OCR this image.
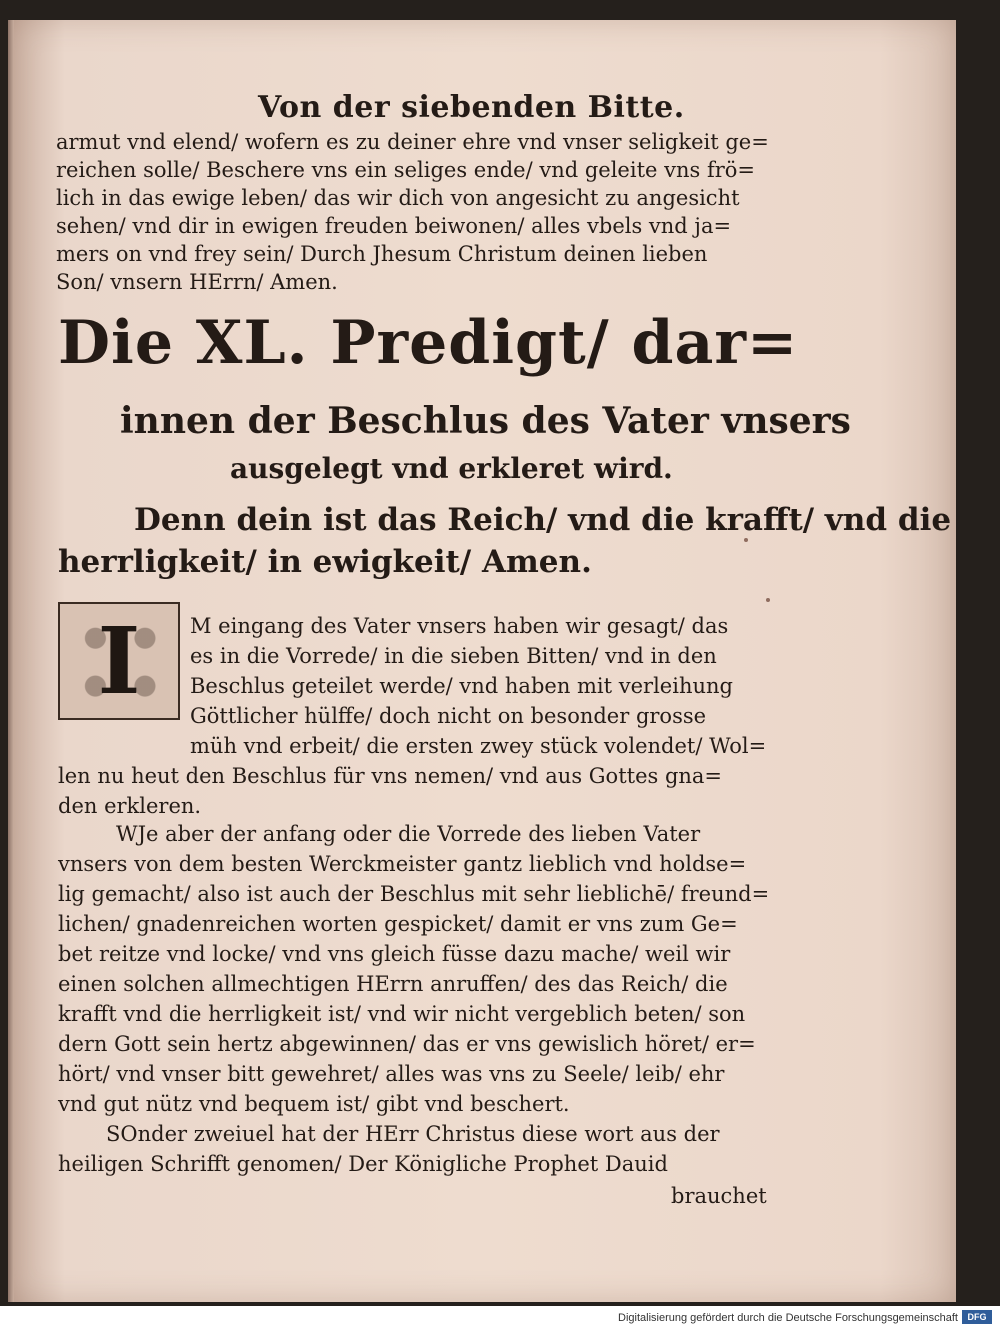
Von der siebenden Bitte.
armut vnd elend/ wofern es zu deiner ehre vnd vnser seligkeit ge=
reichen solle/ Beschere vns ein seliges ende/ vnd geleite vns frö=
lich in das ewige leben/ das wir dich von angesicht zu angesicht
sehen/ vnd dir in ewigen freuden beiwonen/ alles vbels vnd ja=
mers on vnd frey sein/ Durch Jhesum Christum deinen lieben
Son/ vnsern HErrn/ Amen.
Die XL. Predigt/ dar=
innen der Beschlus des Vater vnsers
ausgelegt vnd erkleret wird.
Denn dein ist das Reich/ vnd die krafft/ vnd die
herrligkeit/ in ewigkeit/ Amen.
I	M eingang des Vater vnsers haben wir gesagt/ das
es in die Vorrede/ in die sieben Bitten/ vnd in den
Beschlus geteilet werde/ vnd haben mit verleihung
Göttlicher hülffe/ doch nicht on besonder grosse
müh vnd erbeit/ die ersten zwey stück volendet/ Wol=
len nu heut den Beschlus für vns nemen/ vnd aus Gottes gna=
den erkleren.
WJe aber der anfang oder die Vorrede des lieben Vater
vnsers von dem besten Werckmeister gantz lieblich vnd holdse=
lig gemacht/ also ist auch der Beschlus mit sehr lieblichē/ freund=
lichen/ gnadenreichen worten gespicket/ damit er vns zum Ge=
bet reitze vnd locke/ vnd vns gleich füsse dazu mache/ weil wir
einen solchen allmechtigen HErrn anruffen/ des das Reich/ die
krafft vnd die herrligkeit ist/ vnd wir nicht vergeblich beten/ son
dern Gott sein hertz abgewinnen/ das er vns gewislich höret/ er=
hört/ vnd vnser bitt gewehret/ alles was vns zu Seele/ leib/ ehr
vnd gut nütz vnd bequem ist/ gibt vnd beschert.
SOnder zweiuel hat der HErr Christus diese wort aus der
heiligen Schrifft genomen/ Der Königliche Prophet Dauid
brauchet
Digitalisierung gefördert durch die Deutsche Forschungsgemeinschaft	DFG
